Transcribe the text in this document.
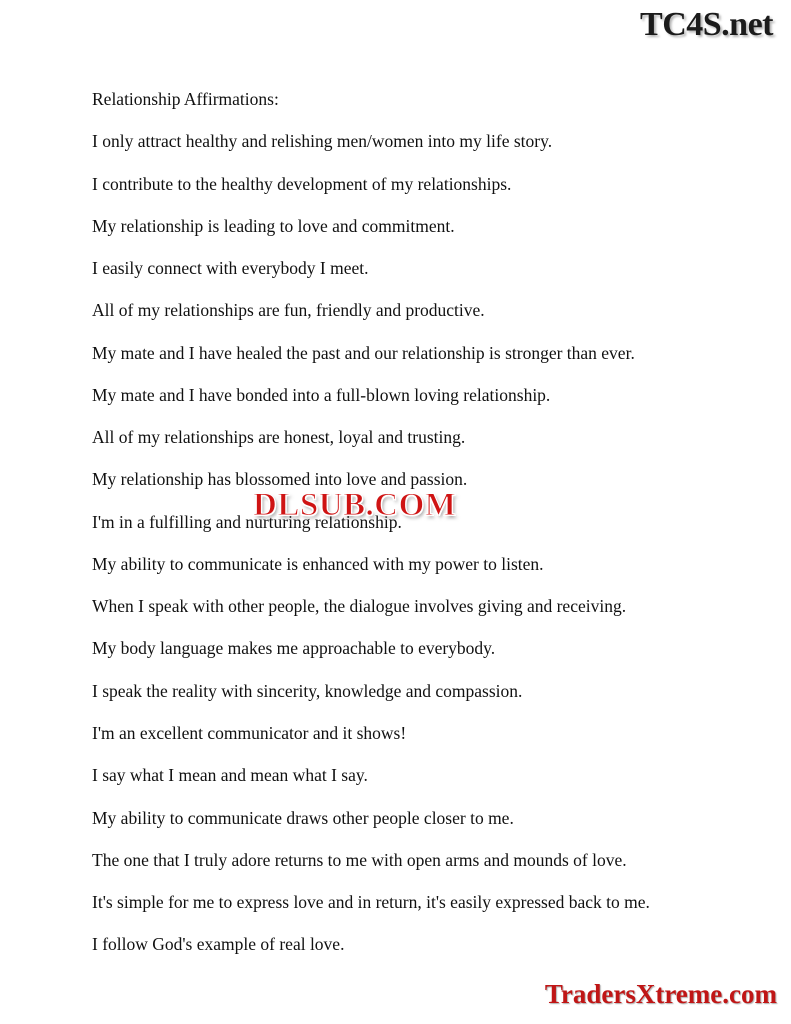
TC4S.net

Relationship Affirmations:

I only attract healthy and relishing men/women into my life story.

I contribute to the healthy development of my relationships.

My relationship is leading to love and commitment.

I easily connect with everybody I meet.

All of my relationships are fun, friendly and productive.

My mate and I have healed the past and our relationship is stronger than ever.

My mate and I have bonded into a full-blown loving relationship.

All of my relationships are honest, loyal and trusting.

My relationship has blossomed into love and passion.

I'm in a fulfilling and nurturing relationship.

My ability to communicate is enhanced with my power to listen.

When I speak with other people, the dialogue involves giving and receiving.

My body language makes me approachable to everybody.

I speak the reality with sincerity, knowledge and compassion.

I'm an excellent communicator and it shows!

I say what I mean and mean what I say.

My ability to communicate draws other people closer to me.

The one that I truly adore returns to me with open arms and mounds of love.

It's simple for me to express love and in return, it's easily expressed back to me.

I follow God's example of real love.

DLSUB.COM
TradersXtreme.com
